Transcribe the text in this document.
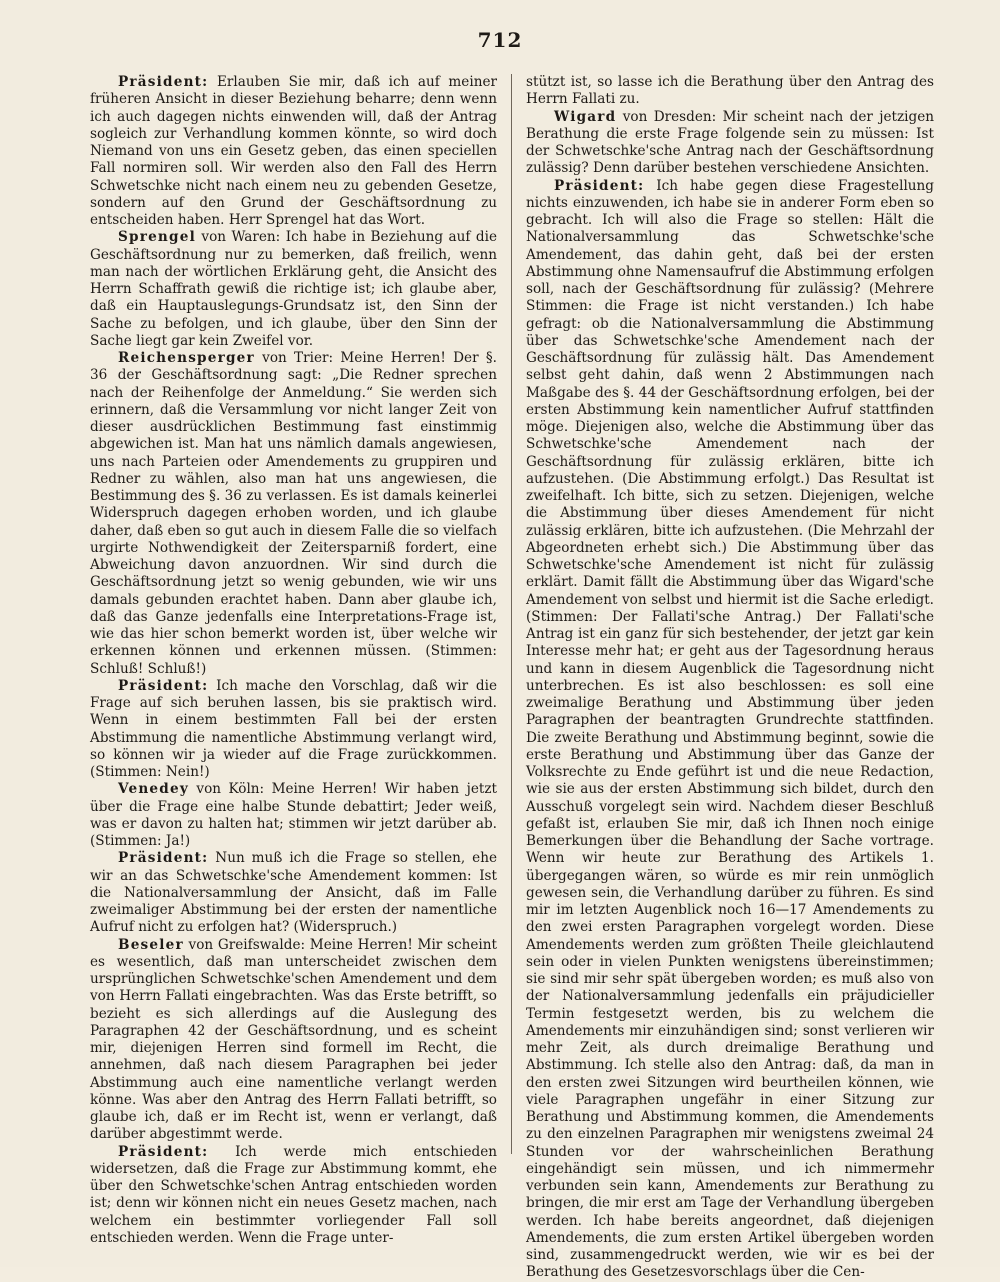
712

Präsident: Erlauben Sie mir, daß ich auf meiner früheren Ansicht in dieser Beziehung beharre; denn wenn ich auch dagegen nichts einwenden will, daß der Antrag sogleich zur Verhandlung kommen könnte, so wird doch Niemand von uns ein Gesetz geben, das einen speciellen Fall normiren soll. Wir werden also den Fall des Herrn Schwetschke nicht nach einem neu zu gebenden Gesetze, sondern auf den Grund der Geschäftsordnung zu entscheiden haben. Herr Sprengel hat das Wort.

Sprengel von Waren: Ich habe in Beziehung auf die Geschäftsordnung nur zu bemerken, daß freilich, wenn man nach der wörtlichen Erklärung geht, die Ansicht des Herrn Schaffrath gewiß die richtige ist; ich glaube aber, daß ein Hauptauslegungs-Grundsatz ist, den Sinn der Sache zu befolgen, und ich glaube, über den Sinn der Sache liegt gar kein Zweifel vor.

Reichensperger von Trier: Meine Herren! Der §. 36 der Geschäftsordnung sagt: „Die Redner sprechen nach der Reihenfolge der Anmeldung.“ Sie werden sich erinnern, daß die Versammlung vor nicht langer Zeit von dieser ausdrücklichen Bestimmung fast einstimmig abgewichen ist. Man hat uns nämlich damals angewiesen, uns nach Parteien oder Amendements zu gruppiren und Redner zu wählen, also man hat uns angewiesen, die Bestimmung des §. 36 zu verlassen. Es ist damals keinerlei Widerspruch dagegen erhoben worden, und ich glaube daher, daß eben so gut auch in diesem Falle die so vielfach urgirte Nothwendigkeit der Zeitersparniß fordert, eine Abweichung davon anzuordnen. Wir sind durch die Geschäftsordnung jetzt so wenig gebunden, wie wir uns damals gebunden erachtet haben. Dann aber glaube ich, daß das Ganze jedenfalls eine Interpretations-Frage ist, wie das hier schon bemerkt worden ist, über welche wir erkennen können und erkennen müssen. (Stimmen: Schluß! Schluß!)

Präsident: Ich mache den Vorschlag, daß wir die Frage auf sich beruhen lassen, bis sie praktisch wird. Wenn in einem bestimmten Fall bei der ersten Abstimmung die namentliche Abstimmung verlangt wird, so können wir ja wieder auf die Frage zurückkommen. (Stimmen: Nein!)

Venedey von Köln: Meine Herren! Wir haben jetzt über die Frage eine halbe Stunde debattirt; Jeder weiß, was er davon zu halten hat; stimmen wir jetzt darüber ab. (Stimmen: Ja!)

Präsident: Nun muß ich die Frage so stellen, ehe wir an das Schwetschke'sche Amendement kommen: Ist die Nationalversammlung der Ansicht, daß im Falle zweimaliger Abstimmung bei der ersten der namentliche Aufruf nicht zu erfolgen hat? (Widerspruch.)

Beseler von Greifswalde: Meine Herren! Mir scheint es wesentlich, daß man unterscheidet zwischen dem ursprünglichen Schwetschke'schen Amendement und dem von Herrn Fallati eingebrachten. Was das Erste betrifft, so bezieht es sich allerdings auf die Auslegung des Paragraphen 42 der Geschäftsordnung, und es scheint mir, diejenigen Herren sind formell im Recht, die annehmen, daß nach diesem Paragraphen bei jeder Abstimmung auch eine namentliche verlangt werden könne. Was aber den Antrag des Herrn Fallati betrifft, so glaube ich, daß er im Recht ist, wenn er verlangt, daß darüber abgestimmt werde.

Präsident: Ich werde mich entschieden widersetzen, daß die Frage zur Abstimmung kommt, ehe über den Schwetschke'schen Antrag entschieden worden ist; denn wir können nicht ein neues Gesetz machen, nach welchem ein bestimmter vorliegender Fall soll entschieden werden. Wenn die Frage unter-

stützt ist, so lasse ich die Berathung über den Antrag des Herrn Fallati zu.

Wigard von Dresden: Mir scheint nach der jetzigen Berathung die erste Frage folgende sein zu müssen: Ist der Schwetschke'sche Antrag nach der Geschäftsordnung zulässig? Denn darüber bestehen verschiedene Ansichten.

Präsident: Ich habe gegen diese Fragestellung nichts einzuwenden, ich habe sie in anderer Form eben so gebracht. Ich will also die Frage so stellen: Hält die Nationalversammlung das Schwetschke'sche Amendement, das dahin geht, daß bei der ersten Abstimmung ohne Namensaufruf die Abstimmung erfolgen soll, nach der Geschäftsordnung für zulässig? (Mehrere Stimmen: die Frage ist nicht verstanden.) Ich habe gefragt: ob die Nationalversammlung die Abstimmung über das Schwetschke'sche Amendement nach der Geschäftsordnung für zulässig hält. Das Amendement selbst geht dahin, daß wenn 2 Abstimmungen nach Maßgabe des §. 44 der Geschäftsordnung erfolgen, bei der ersten Abstimmung kein namentlicher Aufruf stattfinden möge. Diejenigen also, welche die Abstimmung über das Schwetschke'sche Amendement nach der Geschäftsordnung für zulässig erklären, bitte ich aufzustehen. (Die Abstimmung erfolgt.) Das Resultat ist zweifelhaft. Ich bitte, sich zu setzen. Diejenigen, welche die Abstimmung über dieses Amendement für nicht zulässig erklären, bitte ich aufzustehen. (Die Mehrzahl der Abgeordneten erhebt sich.) Die Abstimmung über das Schwetschke'sche Amendement ist nicht für zulässig erklärt. Damit fällt die Abstimmung über das Wigard'sche Amendement von selbst und hiermit ist die Sache erledigt. (Stimmen: Der Fallati'sche Antrag.) Der Fallati'sche Antrag ist ein ganz für sich bestehender, der jetzt gar kein Interesse mehr hat; er geht aus der Tagesordnung heraus und kann in diesem Augenblick die Tagesordnung nicht unterbrechen. Es ist also beschlossen: es soll eine zweimalige Berathung und Abstimmung über jeden Paragraphen der beantragten Grundrechte stattfinden. Die zweite Berathung und Abstimmung beginnt, sowie die erste Berathung und Abstimmung über das Ganze der Volksrechte zu Ende geführt ist und die neue Redaction, wie sie aus der ersten Abstimmung sich bildet, durch den Ausschuß vorgelegt sein wird. Nachdem dieser Beschluß gefaßt ist, erlauben Sie mir, daß ich Ihnen noch einige Bemerkungen über die Behandlung der Sache vortrage. Wenn wir heute zur Berathung des Artikels 1. übergegangen wären, so würde es mir rein unmöglich gewesen sein, die Verhandlung darüber zu führen. Es sind mir im letzten Augenblick noch 16—17 Amendements zu den zwei ersten Paragraphen vorgelegt worden. Diese Amendements werden zum größten Theile gleichlautend sein oder in vielen Punkten wenigstens übereinstimmen; sie sind mir sehr spät übergeben worden; es muß also von der Nationalversammlung jedenfalls ein präjudicieller Termin festgesetzt werden, bis zu welchem die Amendements mir einzuhändigen sind; sonst verlieren wir mehr Zeit, als durch dreimalige Berathung und Abstimmung. Ich stelle also den Antrag: daß, da man in den ersten zwei Sitzungen wird beurtheilen können, wie viele Paragraphen ungefähr in einer Sitzung zur Berathung und Abstimmung kommen, die Amendements zu den einzelnen Paragraphen mir wenigstens zweimal 24 Stunden vor der wahrscheinlichen Berathung eingehändigt sein müssen, und ich nimmermehr verbunden sein kann, Amendements zur Berathung zu bringen, die mir erst am Tage der Verhandlung übergeben werden. Ich habe bereits angeordnet, daß diejenigen Amendements, die zum ersten Artikel übergeben worden sind, zusammengedruckt werden, wie wir es bei der Berathung des Gesetzesvorschlags über die Cen-
